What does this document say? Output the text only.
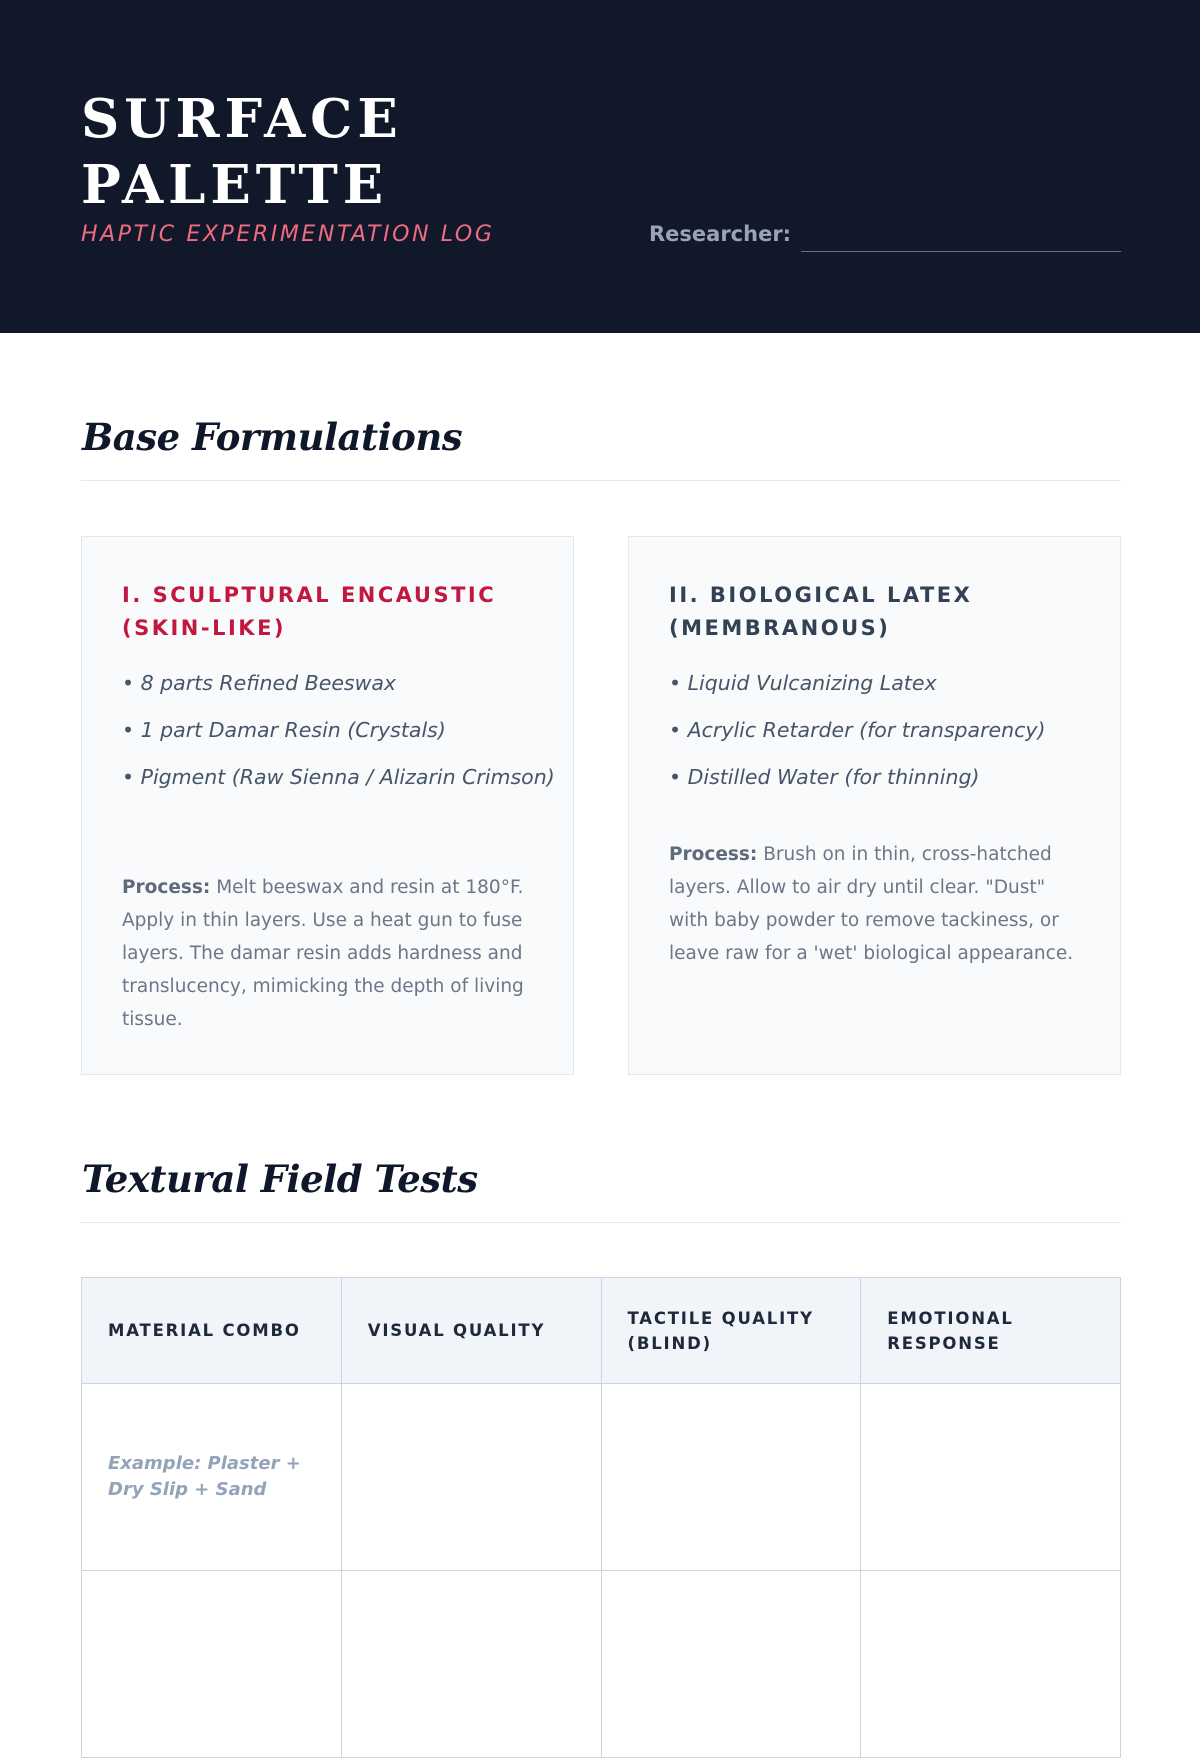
SURFACE
PALETTE
HAPTIC EXPERIMENTATION LOG	Researcher:
Base Formulations
I. SCULPTURAL ENCAUSTIC (SKIN-LIKE)
• 8 parts Refined Beeswax
• 1 part Damar Resin (Crystals)
• Pigment (Raw Sienna / Alizarin Crimson)
Process: Melt beeswax and resin at 180°F. Apply in thin layers. Use a heat gun to fuse layers. The damar resin adds hardness and translucency, mimicking the depth of living tissue.
II. BIOLOGICAL LATEX (MEMBRANOUS)
• Liquid Vulcanizing Latex
• Acrylic Retarder (for transparency)
• Distilled Water (for thinning)
Process: Brush on in thin, cross-hatched layers. Allow to air dry until clear. "Dust" with baby powder to remove tackiness, or leave raw for a 'wet' biological appearance.
Textural Field Tests
MATERIAL COMBO	VISUAL QUALITY	TACTILE QUALITY (BLIND)	EMOTIONAL RESPONSE

Example: Plaster + Dry Slip + Sand			
